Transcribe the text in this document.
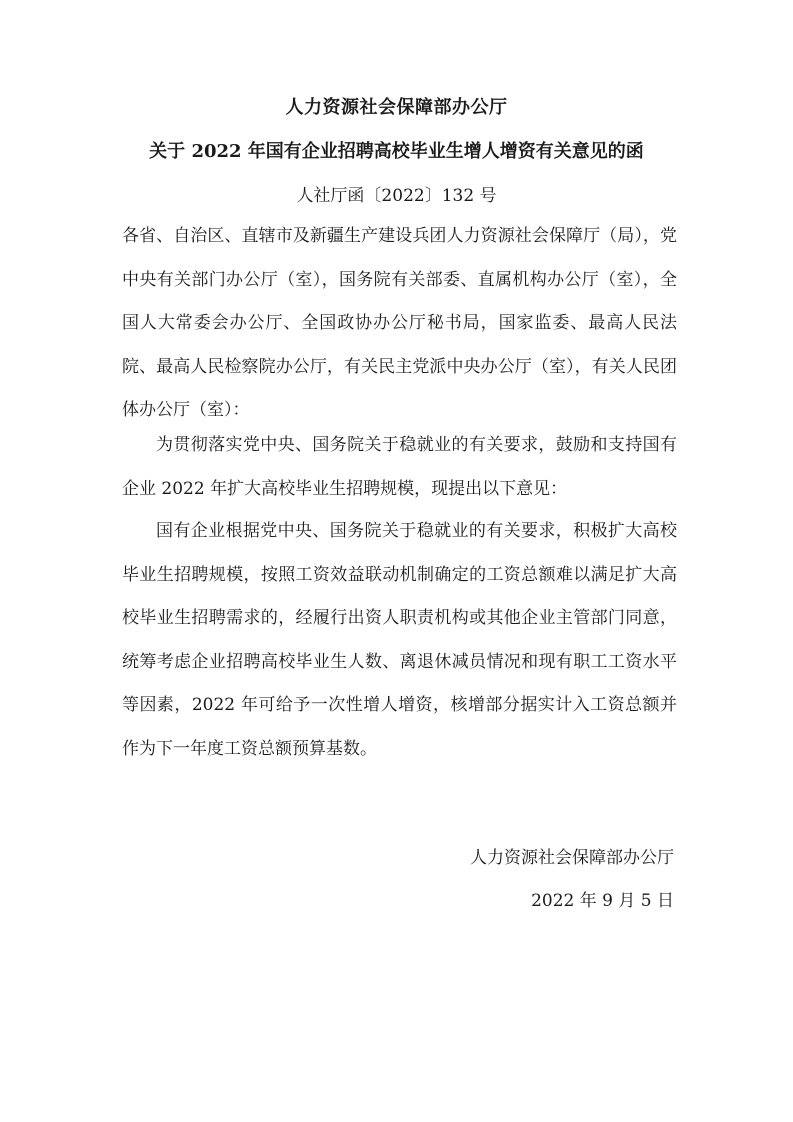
人力资源社会保障部办公厅
关于 2022 年国有企业招聘高校毕业生增人增资有关意见的函
人社厅函〔2022〕132 号
各省、自治区、直辖市及新疆生产建设兵团人力资源社会保障厅（局），党中央有关部门办公厅（室），国务院有关部委、直属机构办公厅（室），全国人大常委会办公厅、全国政协办公厅秘书局，国家监委、最高人民法院、最高人民检察院办公厅，有关民主党派中央办公厅（室），有关人民团体办公厅（室）：
为贯彻落实党中央、国务院关于稳就业的有关要求，鼓励和支持国有企业 2022 年扩大高校毕业生招聘规模，现提出以下意见：
国有企业根据党中央、国务院关于稳就业的有关要求，积极扩大高校毕业生招聘规模，按照工资效益联动机制确定的工资总额难以满足扩大高校毕业生招聘需求的，经履行出资人职责机构或其他企业主管部门同意，统筹考虑企业招聘高校毕业生人数、离退休减员情况和现有职工工资水平等因素，2022 年可给予一次性增人增资，核增部分据实计入工资总额并作为下一年度工资总额预算基数。
人力资源社会保障部办公厅
2022 年 9 月 5 日
